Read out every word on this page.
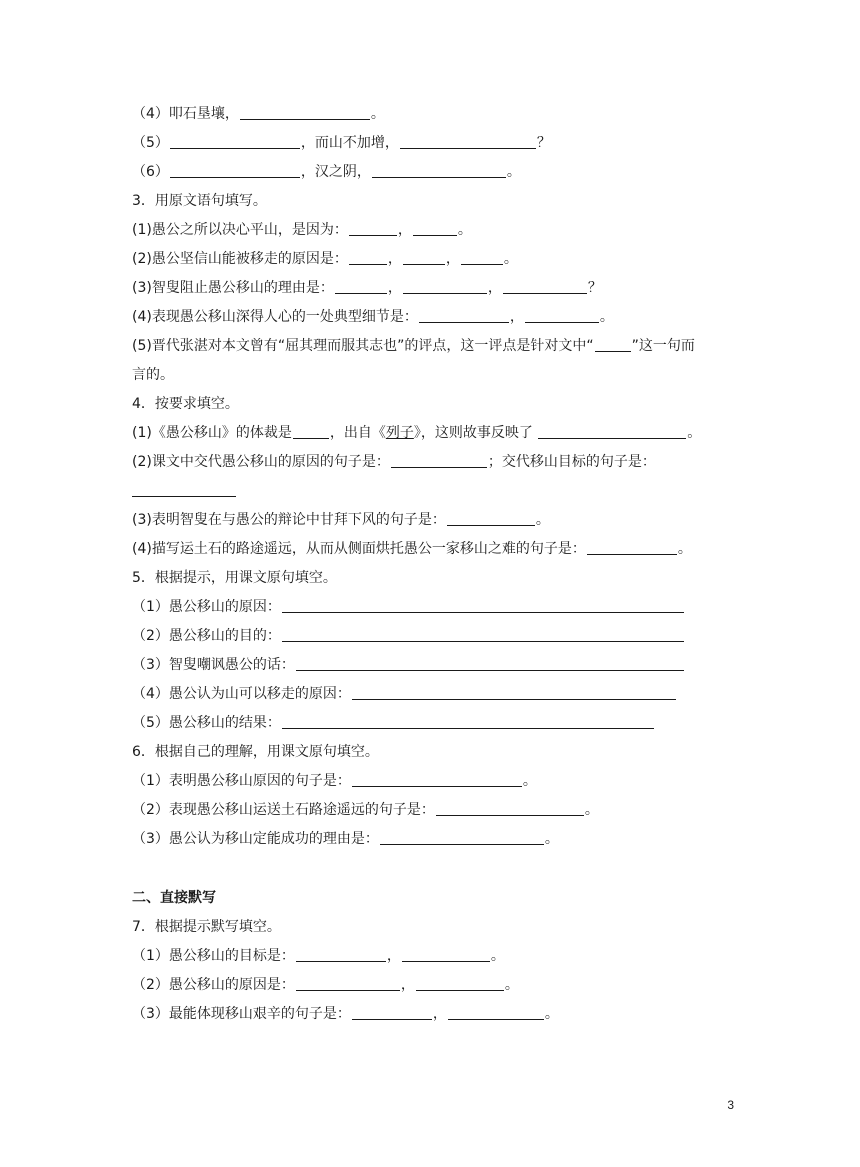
（4）叩石垦壤，	。
（5）	，而山不加增，	？
（6）	，汉之阴，	。
3．用原文语句填写。
(1)愚公之所以决心平山，是因为：	，	。
(2)愚公坚信山能被移走的原因是：	，	，	。
(3)智叟阻止愚公移山的理由是：	，	，	？
(4)表现愚公移山深得人心的一处典型细节是：	，	。
(5)晋代张湛对本文曾有“屈其理而服其志也”的评点，这一评点是针对文中“	”这一句而
言的。
4．按要求填空。
(1)《愚公移山》的体裁是	，出自《列子》，这则故事反映了	。
(2)课文中交代愚公移山的原因的句子是：	；交代移山目标的句子是：
(3)表明智叟在与愚公的辩论中甘拜下风的句子是：	。
(4)描写运土石的路途遥远，从而从侧面烘托愚公一家移山之难的句子是：	。
5．根据提示，用课文原句填空。
（1）愚公移山的原因：
（2）愚公移山的目的：
（3）智叟嘲讽愚公的话：
（4）愚公认为山可以移走的原因：
（5）愚公移山的结果：
6．根据自己的理解，用课文原句填空。
（1）表明愚公移山原因的句子是：	。
（2）表现愚公移山运送土石路途遥远的句子是：	。
（3）愚公认为移山定能成功的理由是：	。
二、直接默写
7．根据提示默写填空。
（1）愚公移山的目标是：	，	。
（2）愚公移山的原因是：	，	。
（3）最能体现移山艰辛的句子是：	，	。
3
